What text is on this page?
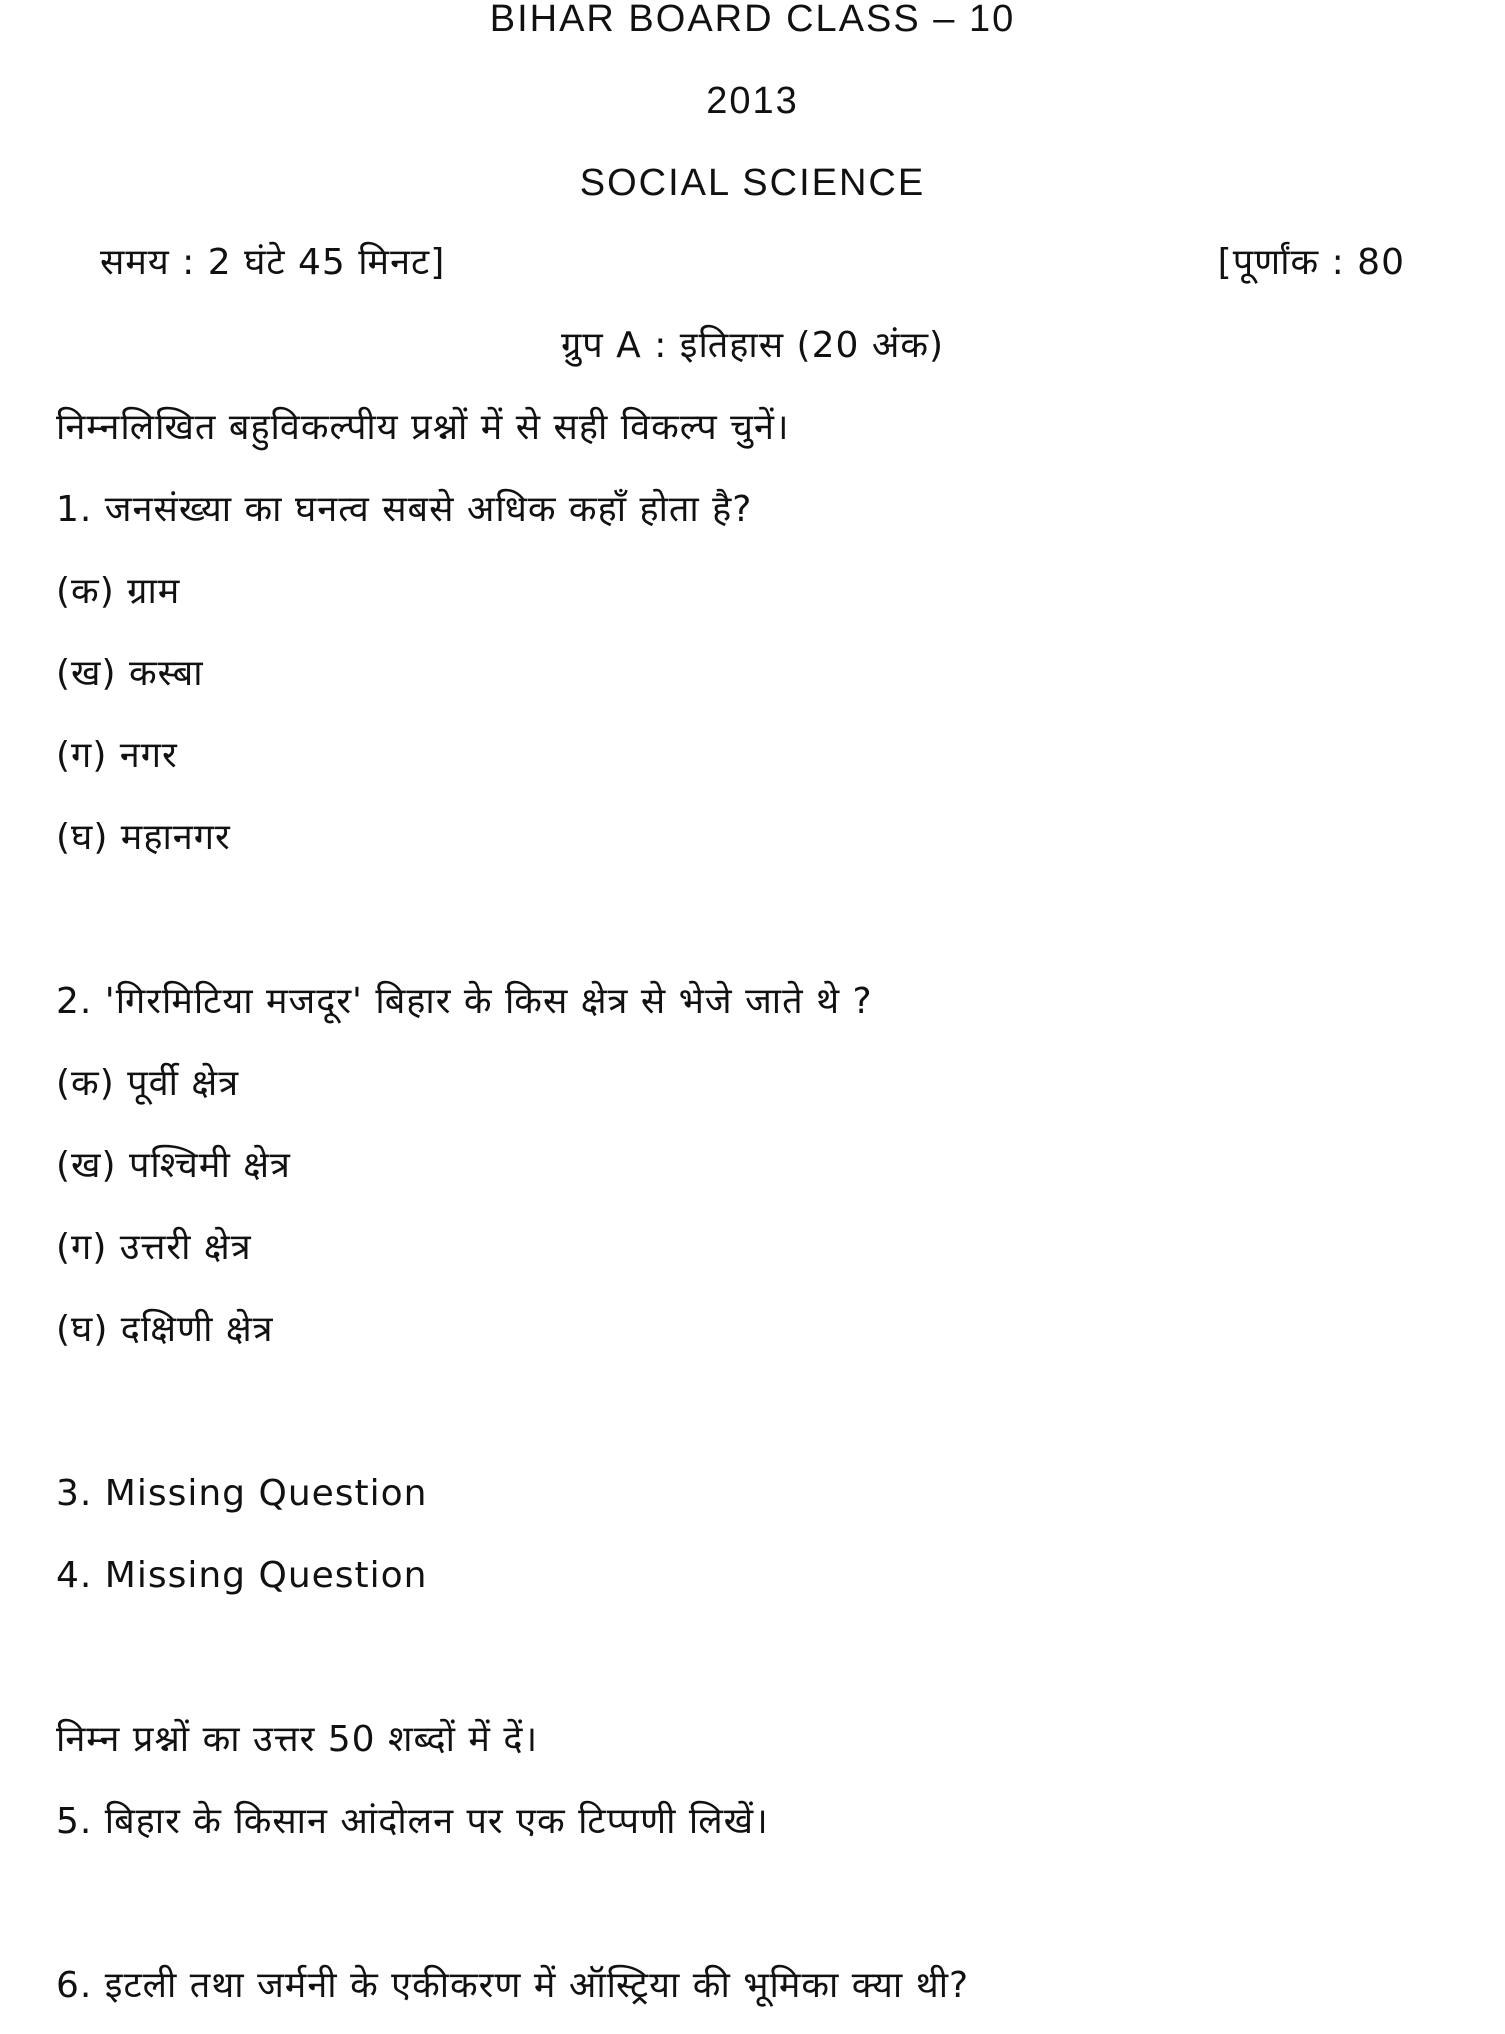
BIHAR BOARD CLASS – 10
2013
SOCIAL SCIENCE
समय : 2 घंटे 45 मिनट]	[पूर्णांक : 80
ग्रुप A : इतिहास (20 अंक)
निम्नलिखित बहुविकल्पीय प्रश्नों में से सही विकल्प चुनें।
1. जनसंख्या का घनत्व सबसे अधिक कहाँ होता है?
(क) ग्राम
(ख) कस्बा
(ग) नगर
(घ) महानगर
2. 'गिरमिटिया मजदूर' बिहार के किस क्षेत्र से भेजे जाते थे ?
(क) पूर्वी क्षेत्र
(ख) पश्चिमी क्षेत्र
(ग) उत्तरी क्षेत्र
(घ) दक्षिणी क्षेत्र
3. Missing Question
4. Missing Question
निम्न प्रश्नों का उत्तर 50 शब्दों में दें।
5. बिहार के किसान आंदोलन पर एक टिप्पणी लिखें।
6. इटली तथा जर्मनी के एकीकरण में ऑस्ट्रिया की भूमिका क्या थी?
